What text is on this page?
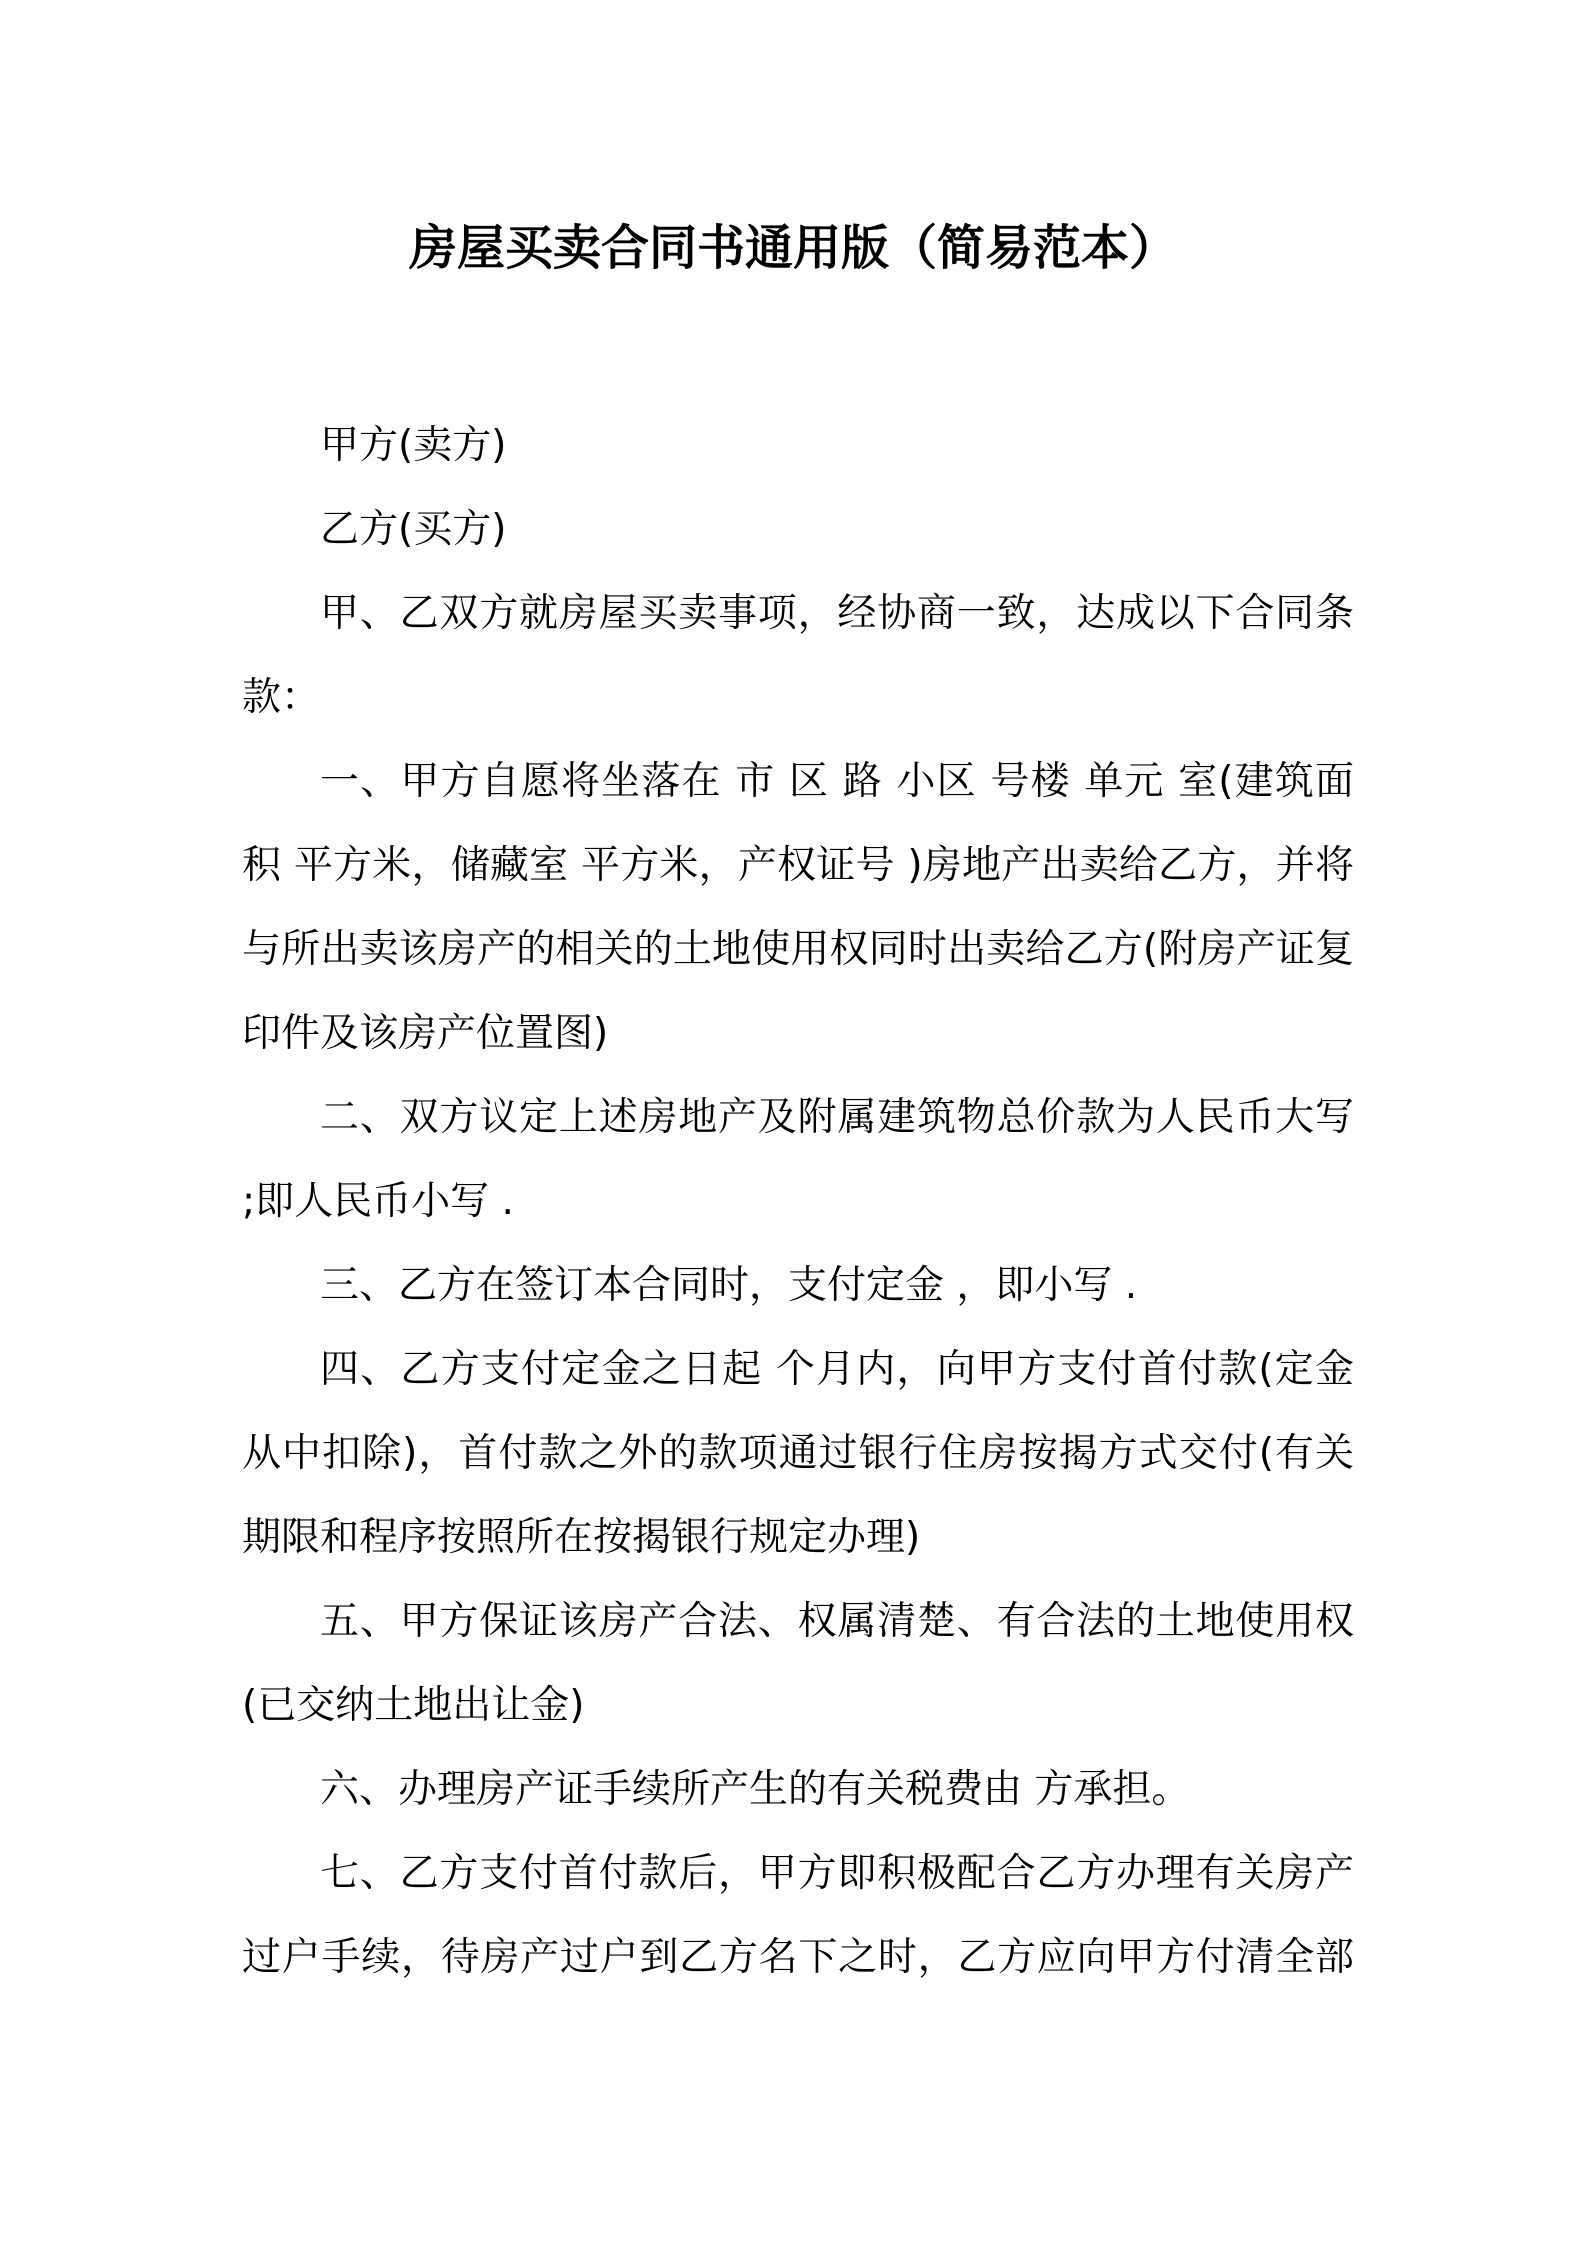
房屋买卖合同书通用版（简易范本）

甲方(卖方)

乙方(买方)

甲、乙双方就房屋买卖事项，经协商一致，达成以下合同条款：

一、甲方自愿将坐落在 市 区 路 小区 号楼 单元 室(建筑面积 平方米，储藏室 平方米，产权证号 )房地产出卖给乙方，并将与所出卖该房产的相关的土地使用权同时出卖给乙方(附房产证复印件及该房产位置图)

二、双方议定上述房地产及附属建筑物总价款为人民币大写 ;即人民币小写 .

三、乙方在签订本合同时，支付定金 ，即小写 .

四、乙方支付定金之日起 个月内，向甲方支付首付款(定金从中扣除)，首付款之外的款项通过银行住房按揭方式交付(有关期限和程序按照所在按揭银行规定办理)

五、甲方保证该房产合法、权属清楚、有合法的土地使用权(已交纳土地出让金)

六、办理房产证手续所产生的有关税费由 方承担。

七、乙方支付首付款后，甲方即积极配合乙方办理有关房产过户手续，待房产过户到乙方名下之时，乙方应向甲方付清全部
